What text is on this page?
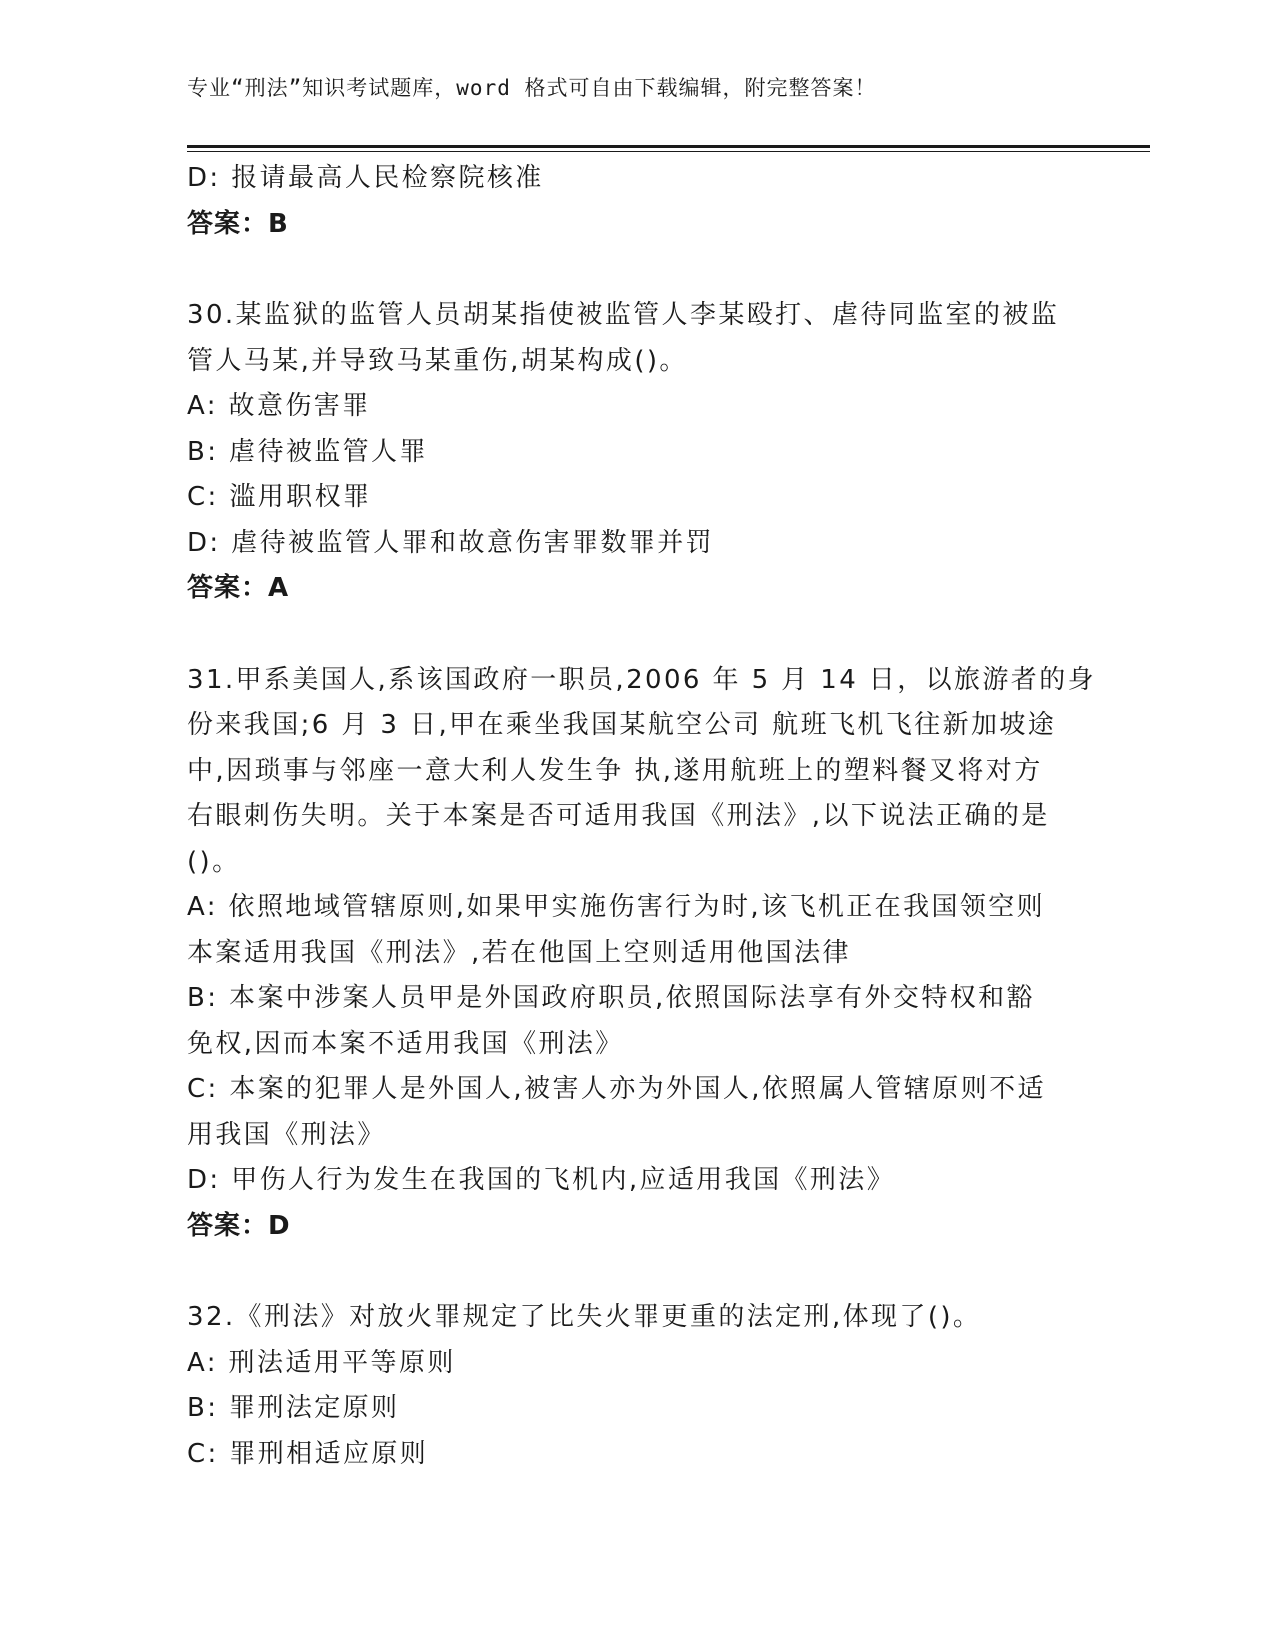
专业“刑法”知识考试题库，word 格式可自由下载编辑，附完整答案！
D: 报请最高人民检察院核准
答案：B
30.某监狱的监管人员胡某指使被监管人李某殴打、虐待同监室的被监
管人马某,并导致马某重伤,胡某构成()。
A: 故意伤害罪
B: 虐待被监管人罪
C: 滥用职权罪
D: 虐待被监管人罪和故意伤害罪数罪并罚
答案：A
31.甲系美国人,系该国政府一职员,2006 年 5 月 14 日，以旅游者的身
份来我国;6 月 3 日,甲在乘坐我国某航空公司 航班飞机飞往新加坡途
中,因琐事与邻座一意大利人发生争 执,遂用航班上的塑料餐叉将对方
右眼刺伤失明。关于本案是否可适用我国《刑法》,以下说法正确的是
()。
A: 依照地域管辖原则,如果甲实施伤害行为时,该飞机正在我国领空则
本案适用我国《刑法》,若在他国上空则适用他国法律
B: 本案中涉案人员甲是外国政府职员,依照国际法享有外交特权和豁
免权,因而本案不适用我国《刑法》
C: 本案的犯罪人是外国人,被害人亦为外国人,依照属人管辖原则不适
用我国《刑法》
D: 甲伤人行为发生在我国的飞机内,应适用我国《刑法》
答案：D
32.《刑法》对放火罪规定了比失火罪更重的法定刑,体现了()。
A: 刑法适用平等原则
B: 罪刑法定原则
C: 罪刑相适应原则
